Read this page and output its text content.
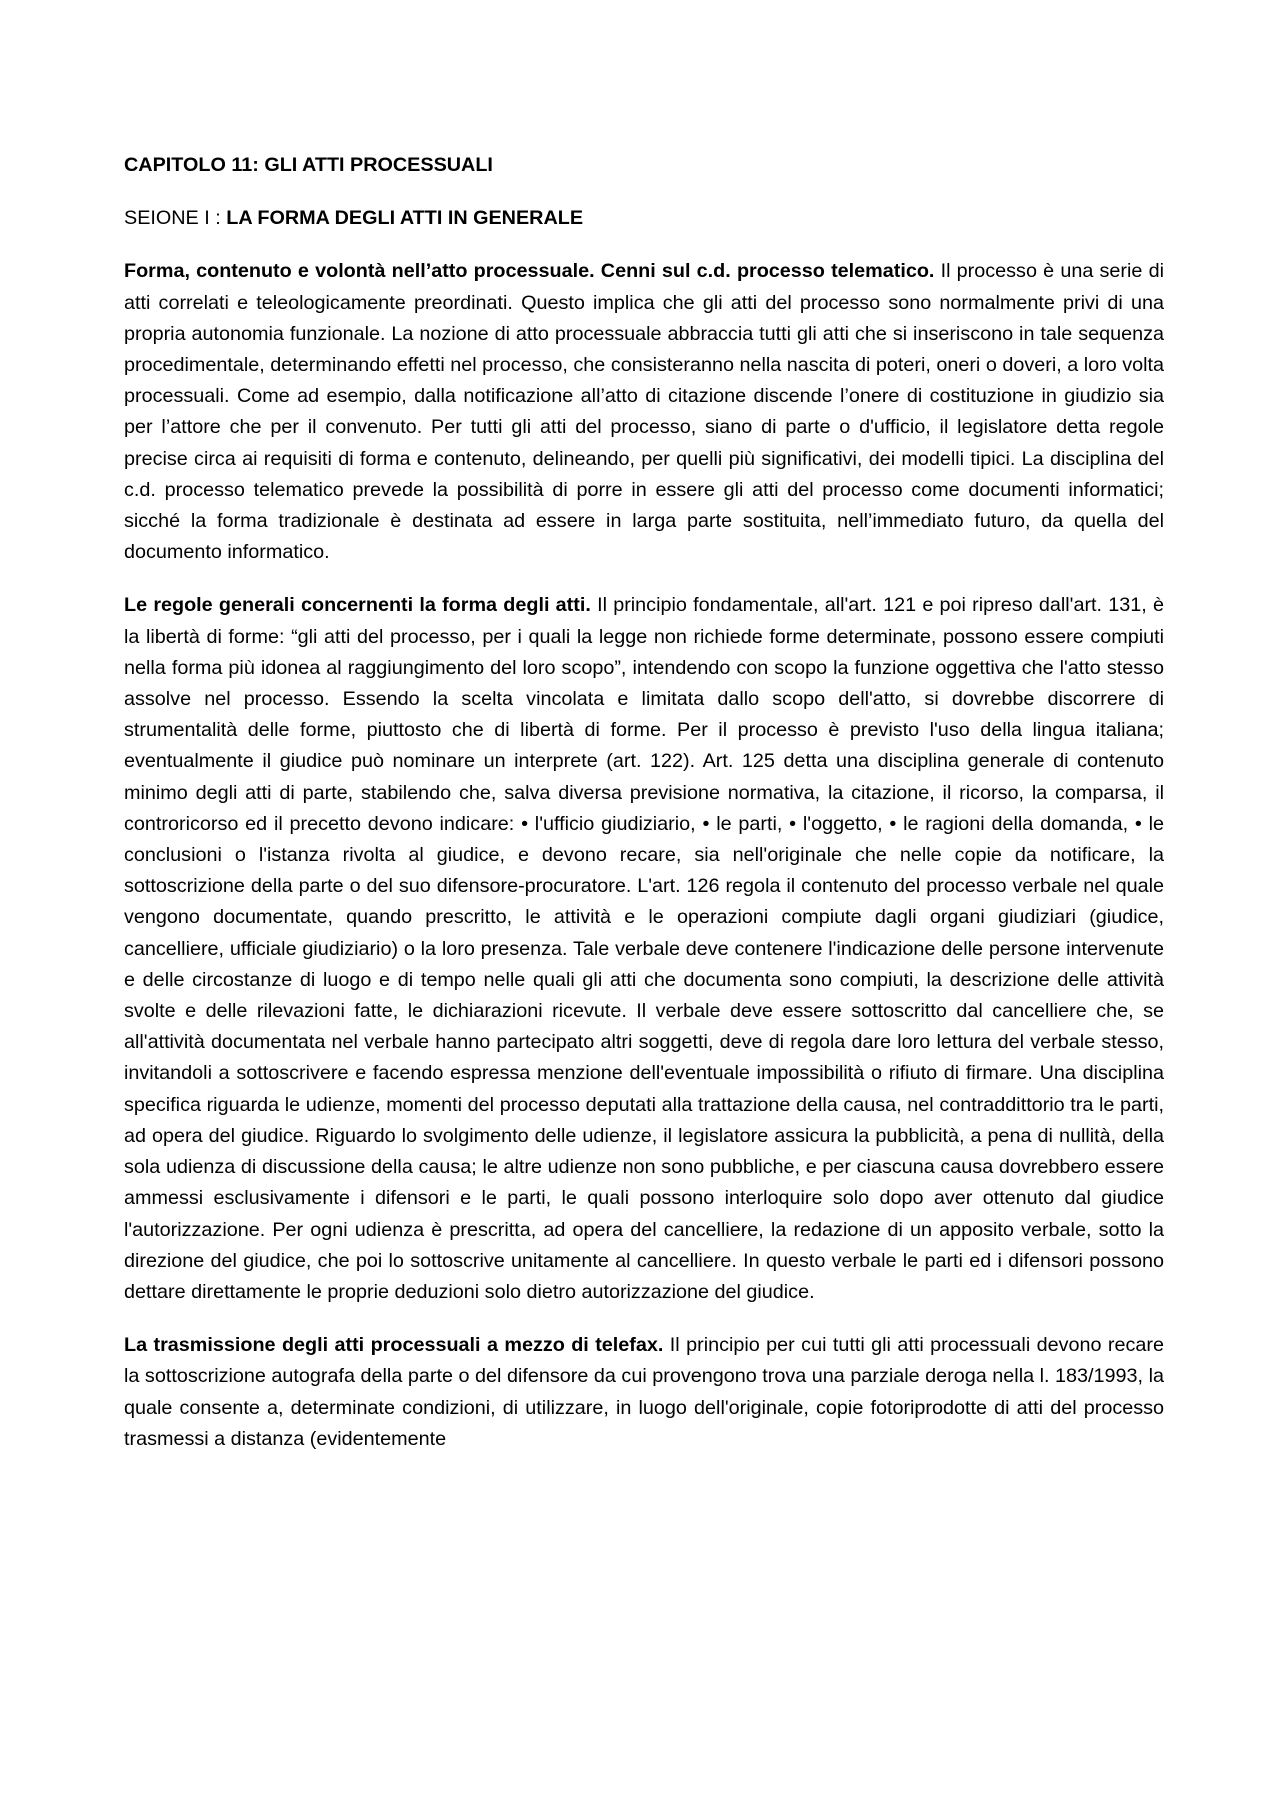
CAPITOLO 11: GLI ATTI PROCESSUALI
SEIONE I : LA FORMA DEGLI ATTI IN GENERALE

Forma, contenuto e volontà nell’atto processuale. Cenni sul c.d. processo telematico. Il processo è una serie di atti correlati e teleologicamente preordinati. Questo implica che gli atti del processo sono normalmente privi di una propria autonomia funzionale. La nozione di atto processuale abbraccia tutti gli atti che si inseriscono in tale sequenza procedimentale, determinando effetti nel processo, che consisteranno nella nascita di poteri, oneri o doveri, a loro volta processuali. Come ad esempio, dalla notificazione all’atto di citazione discende l’onere di costituzione in giudizio sia per l’attore che per il convenuto. Per tutti gli atti del processo, siano di parte o d'ufficio, il legislatore detta regole precise circa ai requisiti di forma e contenuto, delineando, per quelli più significativi, dei modelli tipici. La disciplina del c.d. processo telematico prevede la possibilità di porre in essere gli atti del processo come documenti informatici; sicché la forma tradizionale è destinata ad essere in larga parte sostituita, nell’immediato futuro, da quella del documento informatico.

Le regole generali concernenti la forma degli atti. Il principio fondamentale, all'art. 121 e poi ripreso dall'art. 131, è la libertà di forme: “gli atti del processo, per i quali la legge non richiede forme determinate, possono essere compiuti nella forma più idonea al raggiungimento del loro scopo”, intendendo con scopo la funzione oggettiva che l'atto stesso assolve nel processo. Essendo la scelta vincolata e limitata dallo scopo dell'atto, si dovrebbe discorrere di strumentalità delle forme, piuttosto che di libertà di forme. Per il processo è previsto l'uso della lingua italiana; eventualmente il giudice può nominare un interprete (art. 122). Art. 125 detta una disciplina generale di contenuto minimo degli atti di parte, stabilendo che, salva diversa previsione normativa, la citazione, il ricorso, la comparsa, il controricorso ed il precetto devono indicare: • l'ufficio giudiziario, • le parti, • l'oggetto, • le ragioni della domanda, • le conclusioni o l'istanza rivolta al giudice, e devono recare, sia nell'originale che nelle copie da notificare, la sottoscrizione della parte o del suo difensore-procuratore. L'art. 126 regola il contenuto del processo verbale nel quale vengono documentate, quando prescritto, le attività e le operazioni compiute dagli organi giudiziari (giudice, cancelliere, ufficiale giudiziario) o la loro presenza. Tale verbale deve contenere l'indicazione delle persone intervenute e delle circostanze di luogo e di tempo nelle quali gli atti che documenta sono compiuti, la descrizione delle attività svolte e delle rilevazioni fatte, le dichiarazioni ricevute. Il verbale deve essere sottoscritto dal cancelliere che, se all'attività documentata nel verbale hanno partecipato altri soggetti, deve di regola dare loro lettura del verbale stesso, invitandoli a sottoscrivere e facendo espressa menzione dell'eventuale impossibilità o rifiuto di firmare. Una disciplina specifica riguarda le udienze, momenti del processo deputati alla trattazione della causa, nel contraddittorio tra le parti, ad opera del giudice. Riguardo lo svolgimento delle udienze, il legislatore assicura la pubblicità, a pena di nullità, della sola udienza di discussione della causa; le altre udienze non sono pubbliche, e per ciascuna causa dovrebbero essere ammessi esclusivamente i difensori e le parti, le quali possono interloquire solo dopo aver ottenuto dal giudice l'autorizzazione. Per ogni udienza è prescritta, ad opera del cancelliere, la redazione di un apposito verbale, sotto la direzione del giudice, che poi lo sottoscrive unitamente al cancelliere. In questo verbale le parti ed i difensori possono dettare direttamente le proprie deduzioni solo dietro autorizzazione del giudice.

La trasmissione degli atti processuali a mezzo di telefax. Il principio per cui tutti gli atti processuali devono recare la sottoscrizione autografa della parte o del difensore da cui provengono trova una parziale deroga nella l. 183/1993, la quale consente a, determinate condizioni, di utilizzare, in luogo dell'originale, copie fotoriprodotte di atti del processo trasmessi a distanza (evidentemente
